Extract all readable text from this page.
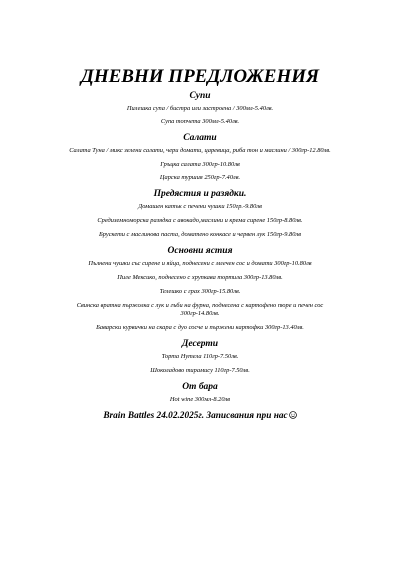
ДНЕВНИ ПРЕДЛОЖЕНИЯ
Супи
Пилешка супа / бистра или застроена / 300мл-5.40лв.
Супа топчета 300мл-5.40лв.
Салати
Салата Туна / микс зелени салати, чери домати, царевица, риба тон и маслини / 300гр-12.80лв.
Гръцка салата 300гр-10.80лв
Царска туршия 250гр-7.40лв.
Предястия и разядки.
Домашен катък с печени чушки 150гр.-9.80лв
Средиземноморска разядка с авокадо,маслини и крема сирене 150гр-8.80лв.
Брускети с маслинова паста, доматено конкасе и червен лук 150гр-9.80лв
Основни ястия
Пълнени чушки със сирене и яйца, поднесени с млечен сос и домати 300гр-10.80лв
Пиле Мексико, поднесено с хрупкава тортила 300гр-13.80лв.
Телешко с грах 300гр-15.80лв.
Свинска вратна пържолка с лук и гъби на фурна, поднесена с картофено пюре и печен сос 300гр-14.80лв.
Баварски курвички на скара с дуо сосче и пържени картофки 300гр-13.40лв.
Десерти
Торта Нутела 110гр-7.50лв.
Шоколадово тирамису 110гр-7.50лв.
От бара
Hot wine 300мл-8.20лв
Brain Battles 24.02.2025г. Записвания при нас
